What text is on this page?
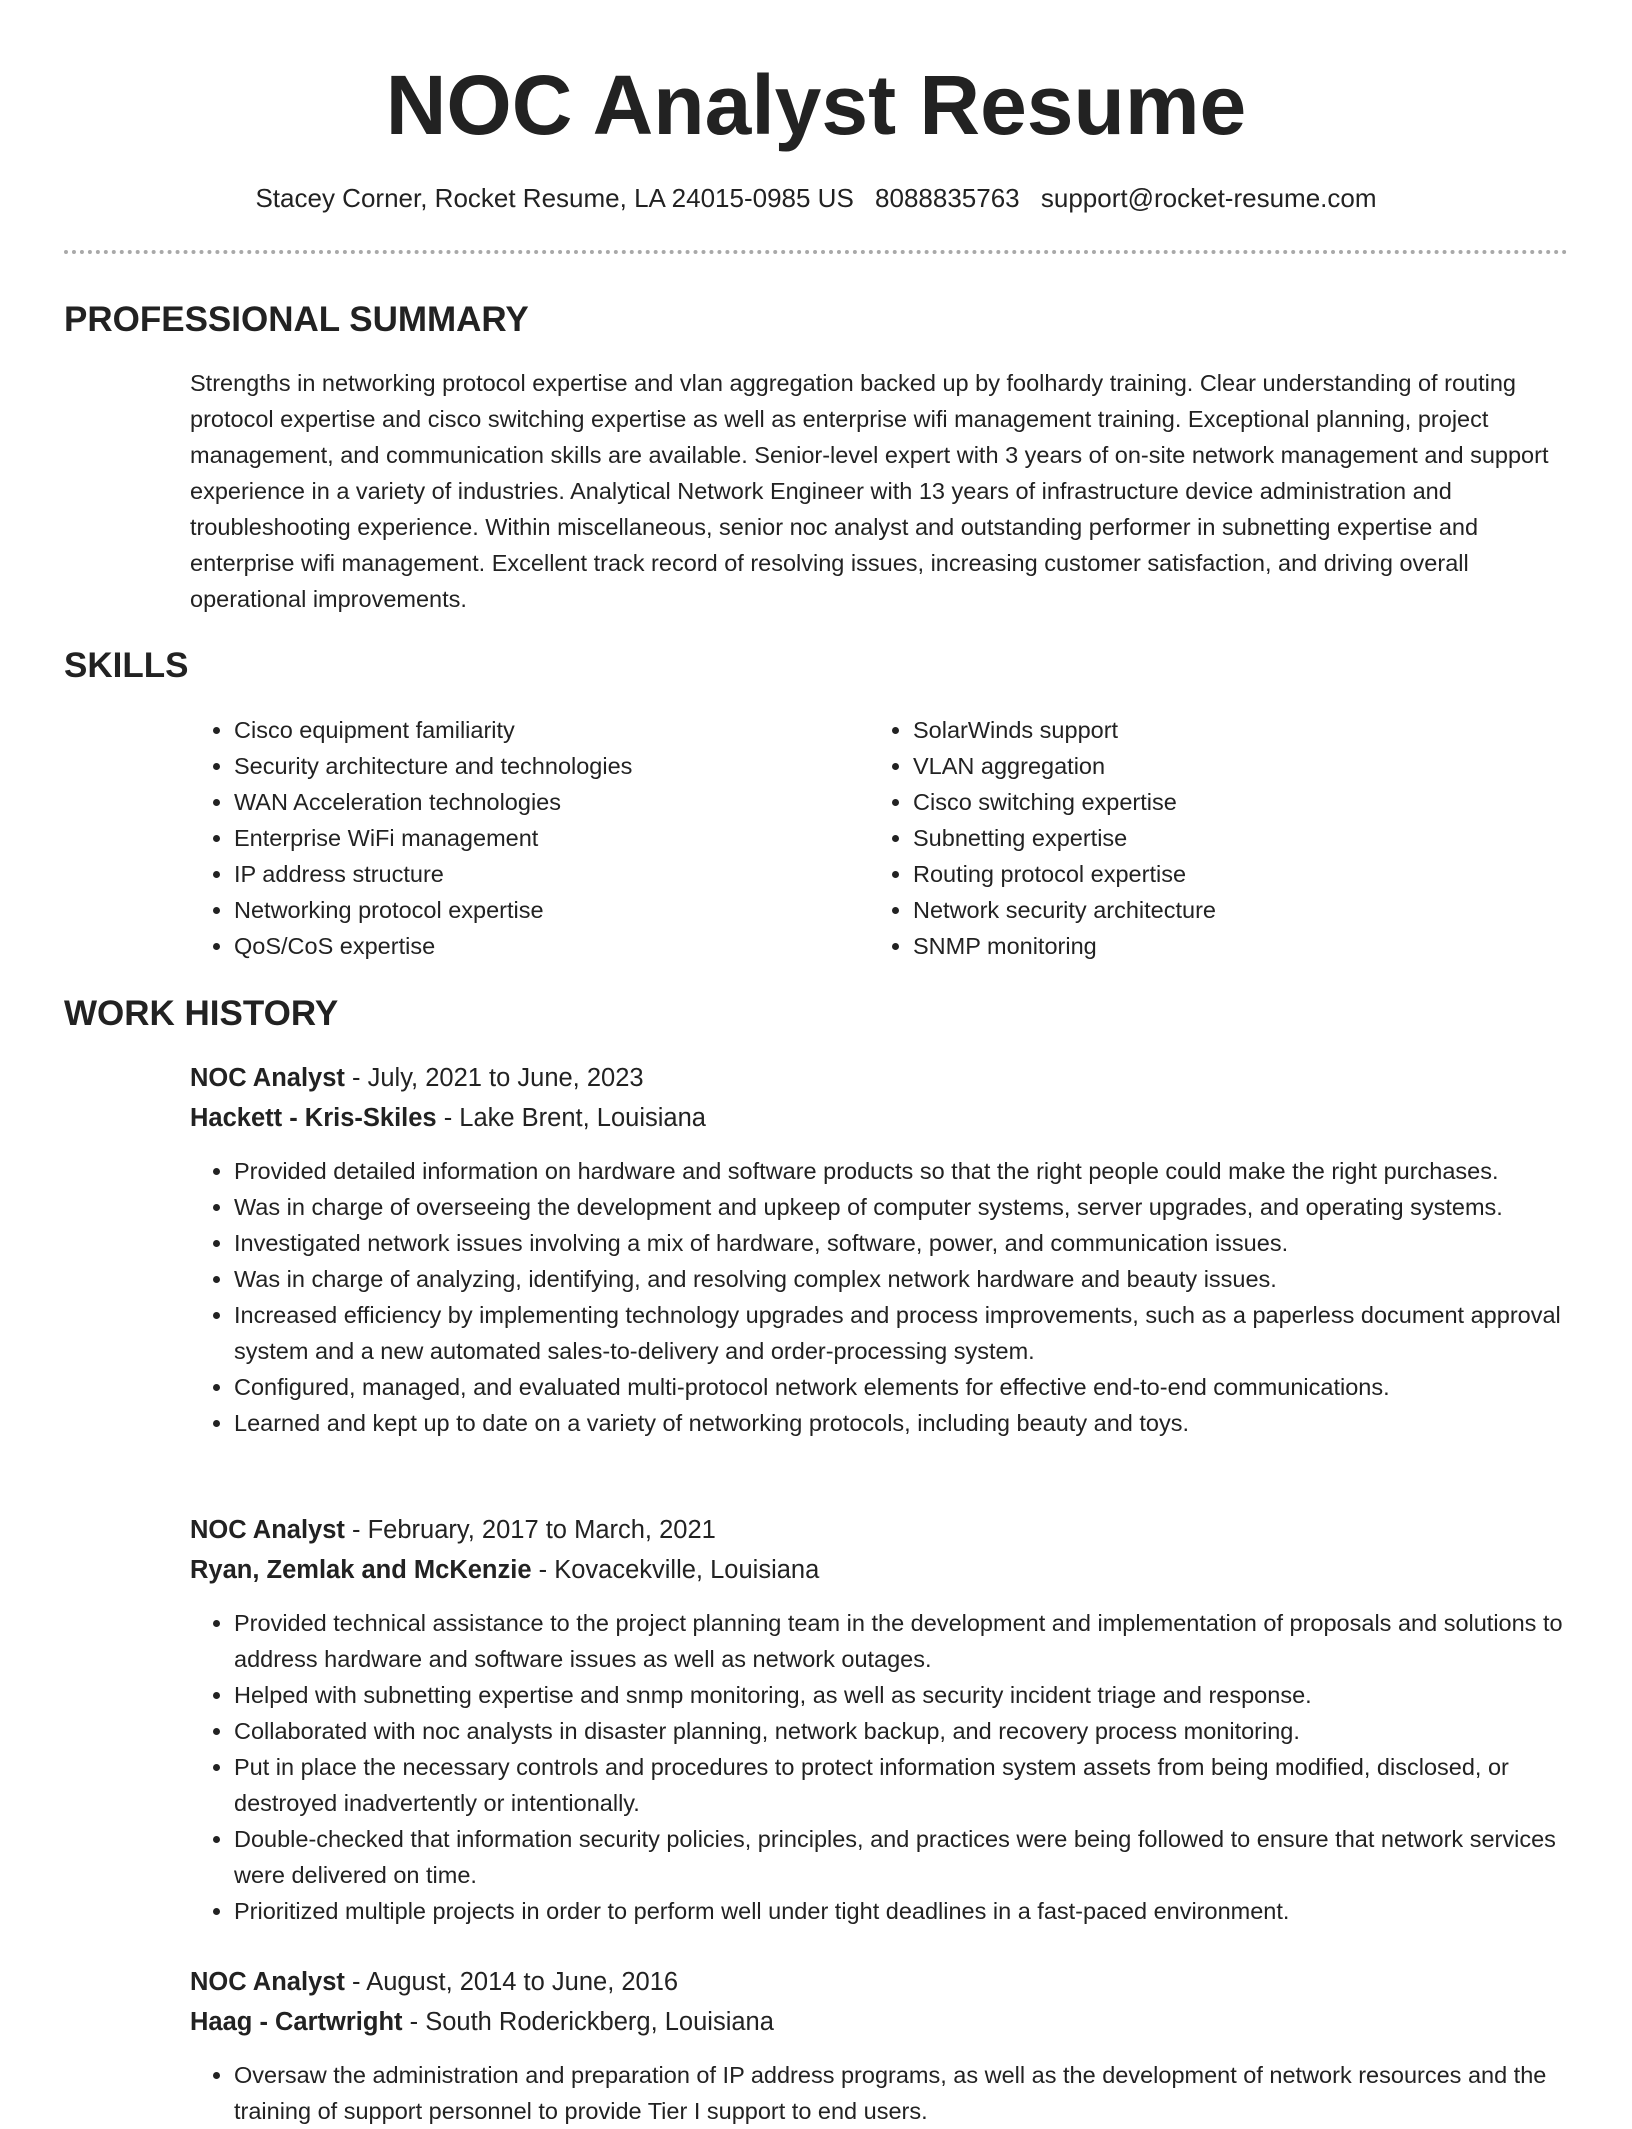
NOC Analyst Resume
Stacey Corner, Rocket Resume, LA 24015-0985 US 8088835763 support@rocket-resume.com
PROFESSIONAL SUMMARY

Strengths in networking protocol expertise and vlan aggregation backed up by foolhardy training. Clear understanding of routing protocol expertise and cisco switching expertise as well as enterprise wifi management training. Exceptional planning, project management, and communication skills are available. Senior-level expert with 3 years of on-site network management and support experience in a variety of industries. Analytical Network Engineer with 13 years of infrastructure device administration and troubleshooting experience. Within miscellaneous, senior noc analyst and outstanding performer in subnetting expertise and enterprise wifi management. Excellent track record of resolving issues, increasing customer satisfaction, and driving overall operational improvements.

SKILLS
• Cisco equipment familiarity
• Security architecture and technologies
• WAN Acceleration technologies
• Enterprise WiFi management
• IP address structure
• Networking protocol expertise
• QoS/CoS expertise
• SolarWinds support
• VLAN aggregation
• Cisco switching expertise
• Subnetting expertise
• Routing protocol expertise
• Network security architecture
• SNMP monitoring
WORK HISTORY
NOC Analyst - July, 2021 to June, 2023
Hackett - Kris-Skiles - Lake Brent, Louisiana
• Provided detailed information on hardware and software products so that the right people could make the right purchases.
• Was in charge of overseeing the development and upkeep of computer systems, server upgrades, and operating systems.
• Investigated network issues involving a mix of hardware, software, power, and communication issues.
• Was in charge of analyzing, identifying, and resolving complex network hardware and beauty issues.
• Increased efficiency by implementing technology upgrades and process improvements, such as a paperless document approval system and a new automated sales-to-delivery and order-processing system.
• Configured, managed, and evaluated multi-protocol network elements for effective end-to-end communications.
• Learned and kept up to date on a variety of networking protocols, including beauty and toys.
NOC Analyst - February, 2017 to March, 2021
Ryan, Zemlak and McKenzie - Kovacekville, Louisiana
• Provided technical assistance to the project planning team in the development and implementation of proposals and solutions to address hardware and software issues as well as network outages.
• Helped with subnetting expertise and snmp monitoring, as well as security incident triage and response.
• Collaborated with noc analysts in disaster planning, network backup, and recovery process monitoring.
• Put in place the necessary controls and procedures to protect information system assets from being modified, disclosed, or destroyed inadvertently or intentionally.
• Double-checked that information security policies, principles, and practices were being followed to ensure that network services were delivered on time.
• Prioritized multiple projects in order to perform well under tight deadlines in a fast-paced environment.
NOC Analyst - August, 2014 to June, 2016
Haag - Cartwright - South Roderickberg, Louisiana
• Oversaw the administration and preparation of IP address programs, as well as the development of network resources and the training of support personnel to provide Tier I support to end users.
